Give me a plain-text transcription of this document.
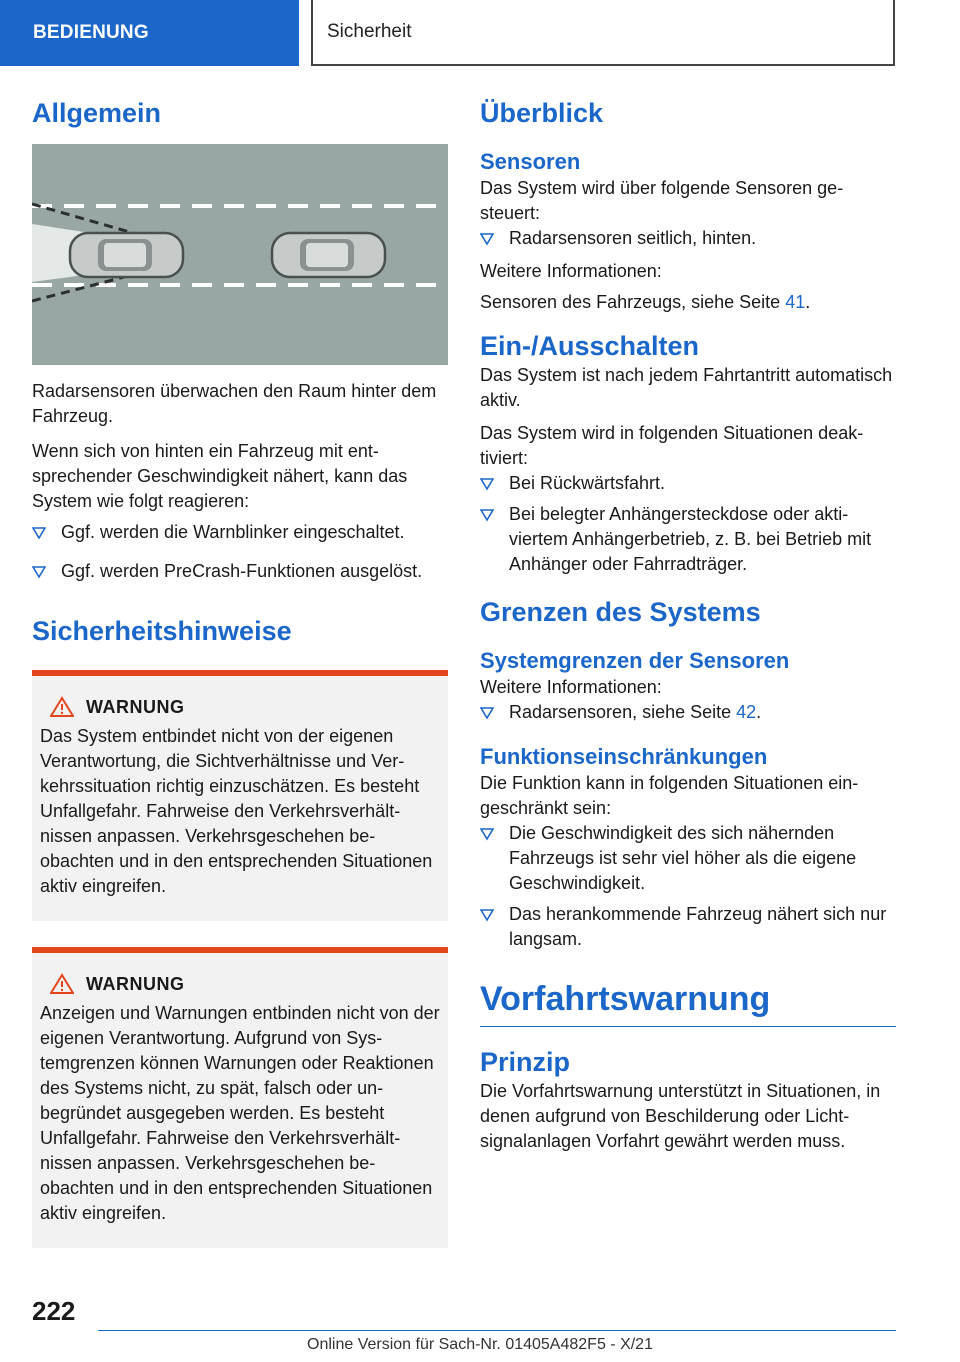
BEDIENUNG	Sicherheit
Allgemein

Radarsensoren überwachen den Raum hinter dem Fahrzeug.

Wenn sich von hinten ein Fahrzeug mit entsprechender Geschwindigkeit nähert, kann das System wie folgt reagieren:

Ggf. werden die Warnblinker eingeschaltet.
Ggf. werden PreCrash-Funktionen ausgelöst.
Sicherheitshinweise
WARNUNG

Das System entbindet nicht von der eigenen Verantwortung, die Sichtverhältnisse und Verkehrssituation richtig einzuschätzen. Es besteht Unfallgefahr. Fahrweise den Verkehrsverhältnissen anpassen. Verkehrsgeschehen beobachten und in den entsprechenden Situationen aktiv eingreifen.

WARNUNG

Anzeigen und Warnungen entbinden nicht von der eigenen Verantwortung. Aufgrund von Systemgrenzen können Warnungen oder Reaktionen des Systems nicht, zu spät, falsch oder unbegründet ausgegeben werden. Es besteht Unfallgefahr. Fahrweise den Verkehrsverhältnissen anpassen. Verkehrsgeschehen beobachten und in den entsprechenden Situationen aktiv eingreifen.

Überblick
Sensoren

Das System wird über folgende Sensoren gesteuert:

Radarsensoren seitlich, hinten.

Weitere Informationen:

Sensoren des Fahrzeugs, siehe Seite 41.

Ein-/Ausschalten

Das System ist nach jedem Fahrtantritt automatisch aktiv.

Das System wird in folgenden Situationen deaktiviert:

Bei Rückwärtsfahrt.
Bei belegter Anhängersteckdose oder aktiviertem Anhängerbetrieb, z. B. bei Betrieb mit Anhänger oder Fahrradträger.
Grenzen des Systems
Systemgrenzen der Sensoren

Weitere Informationen:

Radarsensoren, siehe Seite 42.
Funktionseinschränkungen

Die Funktion kann in folgenden Situationen eingeschränkt sein:

Die Geschwindigkeit des sich nähernden Fahrzeugs ist sehr viel höher als die eigene Geschwindigkeit.
Das herankommende Fahrzeug nähert sich nur langsam.
Vorfahrtswarnung
Prinzip

Die Vorfahrtswarnung unterstützt in Situationen, in denen aufgrund von Beschilderung oder Lichtsignalanlagen Vorfahrt gewährt werden muss.

222
Online Version für Sach-Nr. 01405A482F5 - X/21
